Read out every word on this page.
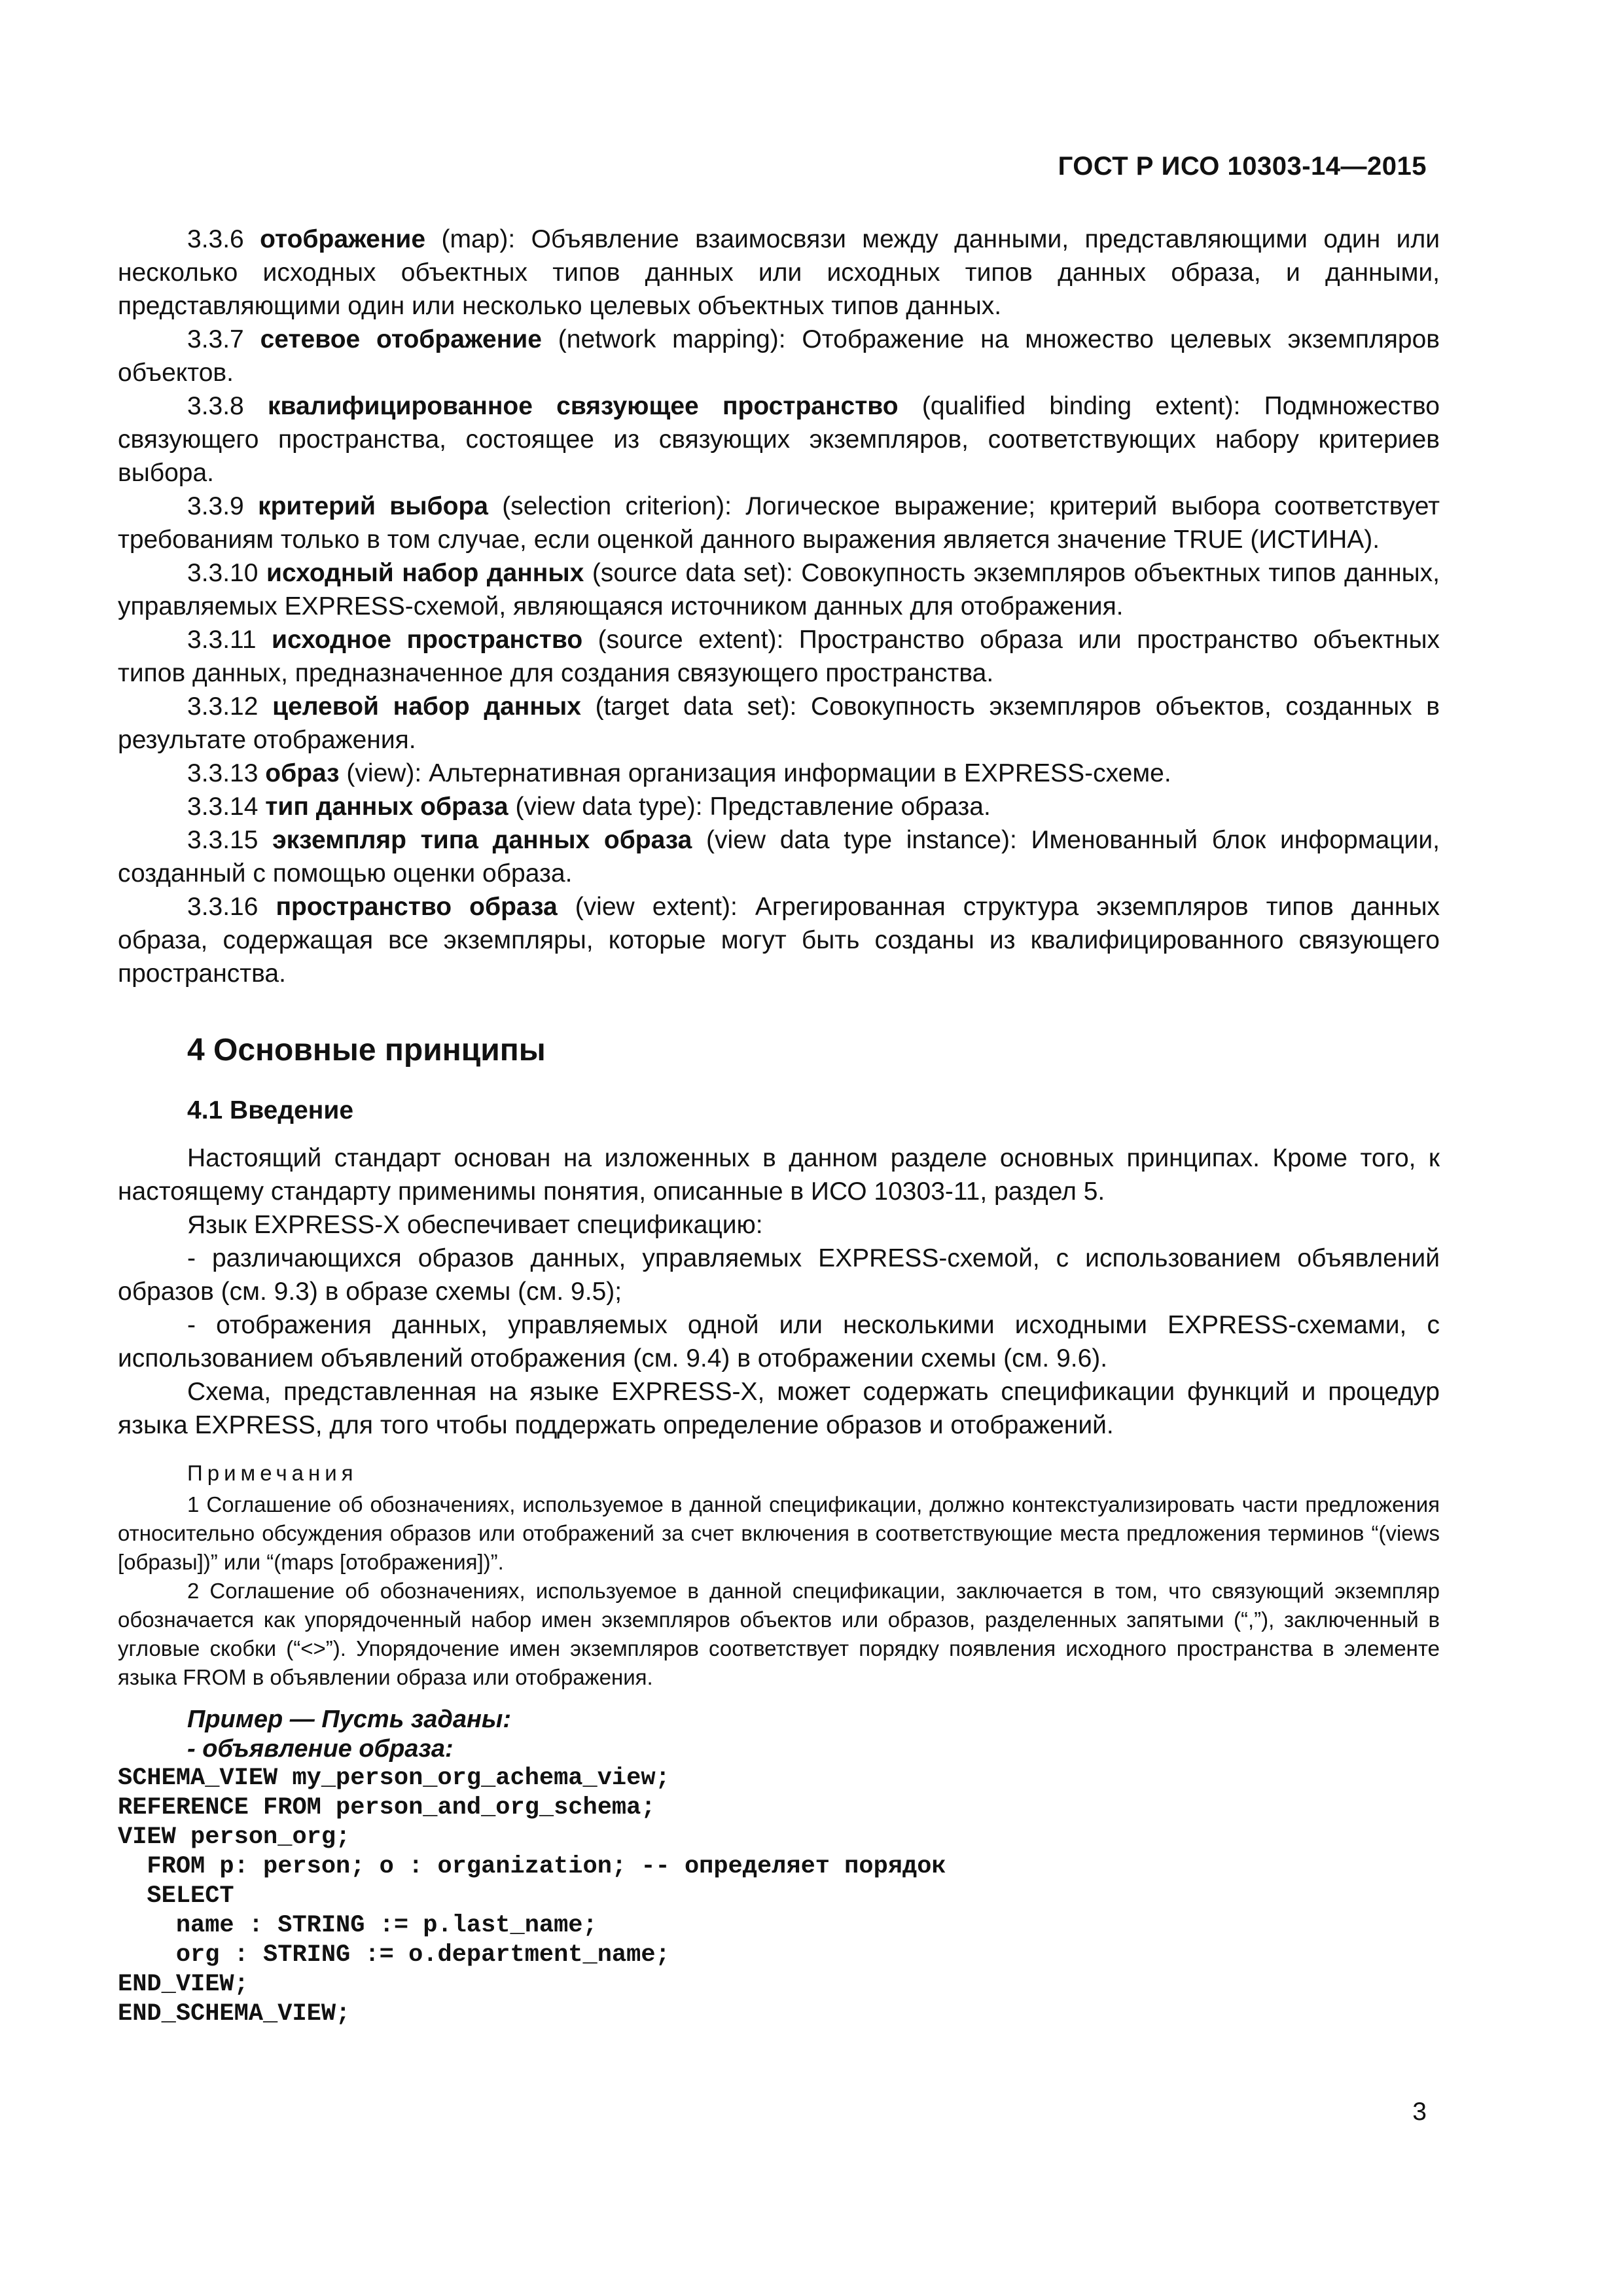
ГОСТ Р ИСО 10303-14—2015

3.3.6 отображение (map): Объявление взаимосвязи между данными, представляющими один или несколько исходных объектных типов данных или исходных типов данных образа, и данными, представляющими один или несколько целевых объектных типов данных.

3.3.7 сетевое отображение (network mapping): Отображение на множество целевых экземпляров объектов.

3.3.8 квалифицированное связующее пространство (qualified binding extent): Подмножество связующего пространства, состоящее из связующих экземпляров, соответствующих набору критериев выбора.

3.3.9 критерий выбора (selection criterion): Логическое выражение; критерий выбора соответствует требованиям только в том случае, если оценкой данного выражения является значение TRUE (ИСТИНА).

3.3.10 исходный набор данных (source data set): Совокупность экземпляров объектных типов данных, управляемых EXPRESS-схемой, являющаяся источником данных для отображения.

3.3.11 исходное пространство (source extent): Пространство образа или пространство объектных типов данных, предназначенное для создания связующего пространства.

3.3.12 целевой набор данных (target data set): Совокупность экземпляров объектов, созданных в результате отображения.

3.3.13 образ (view): Альтернативная организация информации в EXPRESS-схеме.

3.3.14 тип данных образа (view data type): Представление образа.

3.3.15 экземпляр типа данных образа (view data type instance): Именованный блок информации, созданный с помощью оценки образа.

3.3.16 пространство образа (view extent): Агрегированная структура экземпляров типов данных образа, содержащая все экземпляры, которые могут быть созданы из квалифицированного связующего пространства.

4 Основные принципы
4.1 Введение

Настоящий стандарт основан на изложенных в данном разделе основных принципах. Кроме того, к настоящему стандарту применимы понятия, описанные в ИСО 10303-11, раздел 5.

Язык EXPRESS-X обеспечивает спецификацию:

- различающихся образов данных, управляемых EXPRESS-схемой, с использованием объявлений образов (см. 9.3) в образе схемы (см. 9.5);

- отображения данных, управляемых одной или несколькими исходными EXPRESS-схемами, с использованием объявлений отображения (см. 9.4) в отображении схемы (см. 9.6).

Схема, представленная на языке EXPRESS-X, может содержать спецификации функций и процедур языка EXPRESS, для того чтобы поддержать определение образов и отображений.

Примечания

1 Соглашение об обозначениях, используемое в данной спецификации, должно контекстуализировать части предложения относительно обсуждения образов или отображений за счет включения в соответствующие места предложения терминов “(views [образы])” или “(maps [отображения])”.

2 Соглашение об обозначениях, используемое в данной спецификации, заключается в том, что связующий экземпляр обозначается как упорядоченный набор имен экземпляров объектов или образов, разделенных запятыми (“,”), заключенный в угловые скобки (“<>”). Упорядочение имен экземпляров соответствует порядку появления исходного пространства в элементе языка FROM в объявлении образа или отображения.

Пример — Пусть заданы:
- объявление образа:
SCHEMA_VIEW my_person_org_achema_view;
REFERENCE FROM person_and_org_schema;
VIEW person_org;
FROM p: person; o : organization; -- определяет порядок
SELECT
name : STRING := p.last_name;
org : STRING := o.department_name;
END_VIEW;
END_SCHEMA_VIEW;
3
